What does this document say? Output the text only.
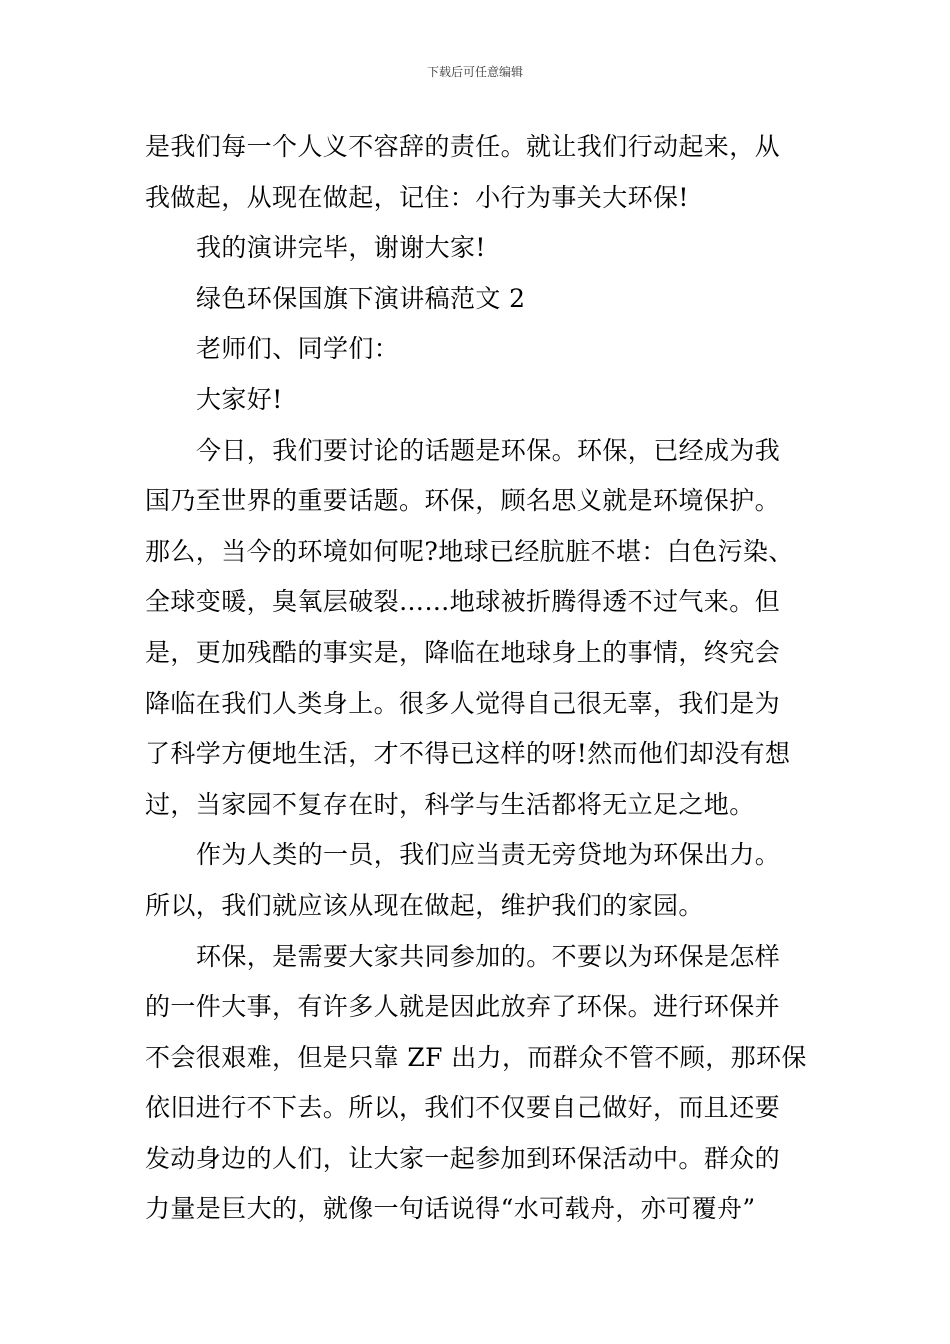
下载后可任意编辑
是我们每一个人义不容辞的责任。就让我们行动起来，从
我做起，从现在做起，记住：小行为事关大环保!
我的演讲完毕，谢谢大家!
绿色环保国旗下演讲稿范文 2
老师们、同学们：
大家好!
今日，我们要讨论的话题是环保。环保，已经成为我
国乃至世界的重要话题。环保，顾名思义就是环境保护。
那么，当今的环境如何呢?地球已经肮脏不堪：白色污染、
全球变暖，臭氧层破裂……地球被折腾得透不过气来。但
是，更加残酷的事实是，降临在地球身上的事情，终究会
降临在我们人类身上。很多人觉得自己很无辜，我们是为
了科学方便地生活，才不得已这样的呀!然而他们却没有想
过，当家园不复存在时，科学与生活都将无立足之地。
作为人类的一员，我们应当责无旁贷地为环保出力。
所以，我们就应该从现在做起，维护我们的家园。
环保，是需要大家共同参加的。不要以为环保是怎样
的一件大事，有许多人就是因此放弃了环保。进行环保并
不会很艰难，但是只靠 ZF 出力，而群众不管不顾，那环保
依旧进行不下去。所以，我们不仅要自己做好，而且还要
发动身边的人们，让大家一起参加到环保活动中。群众的
力量是巨大的，就像一句话说得“水可载舟，亦可覆舟”
